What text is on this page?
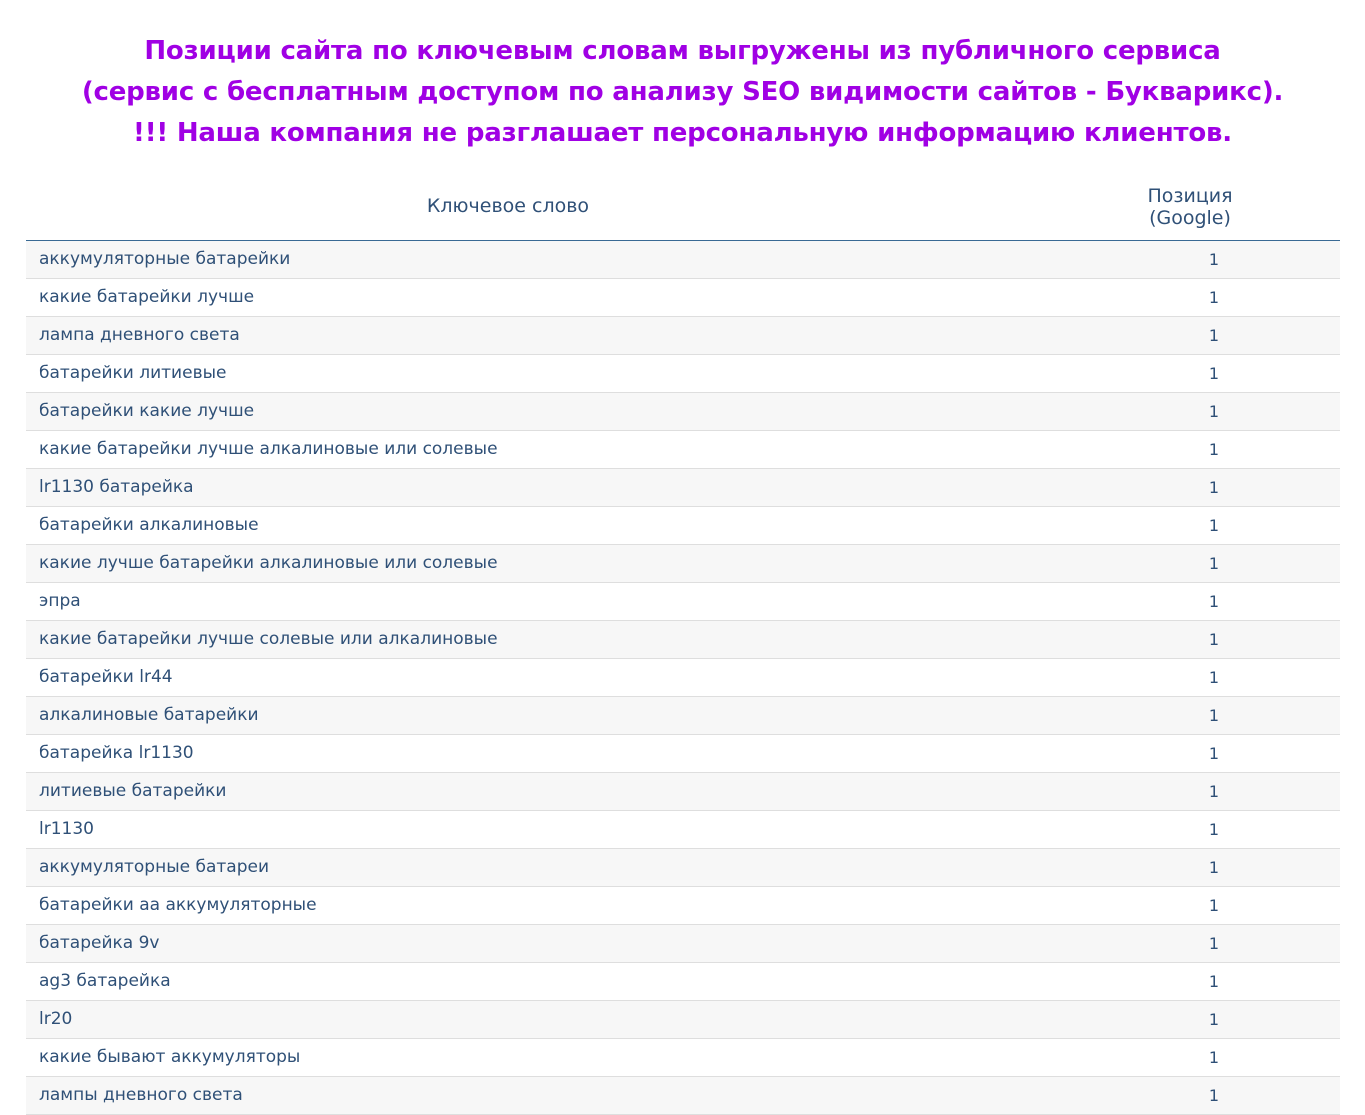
Позиции сайта по ключевым словам выгружены из публичного сервиса
(сервис с бесплатным доступом по анализу SEO видимости сайтов - Букварикс).
!!! Наша компания не разглашает персональную информацию клиентов.
Ключевое слово	Позиция
(Google)
аккумуляторные батарейки	1
какие батарейки лучше	1
лампа дневного света	1
батарейки литиевые	1
батарейки какие лучше	1
какие батарейки лучше алкалиновые или солевые	1
lr1130 батарейка	1
батарейки алкалиновые	1
какие лучше батарейки алкалиновые или солевые	1
эпра	1
какие батарейки лучше солевые или алкалиновые	1
батарейки lr44	1
алкалиновые батарейки	1
батарейка lr1130	1
литиевые батарейки	1
lr1130	1
аккумуляторные батареи	1
батарейки аа аккумуляторные	1
батарейка 9v	1
ag3 батарейка	1
lr20	1
какие бывают аккумуляторы	1
лампы дневного света	1
